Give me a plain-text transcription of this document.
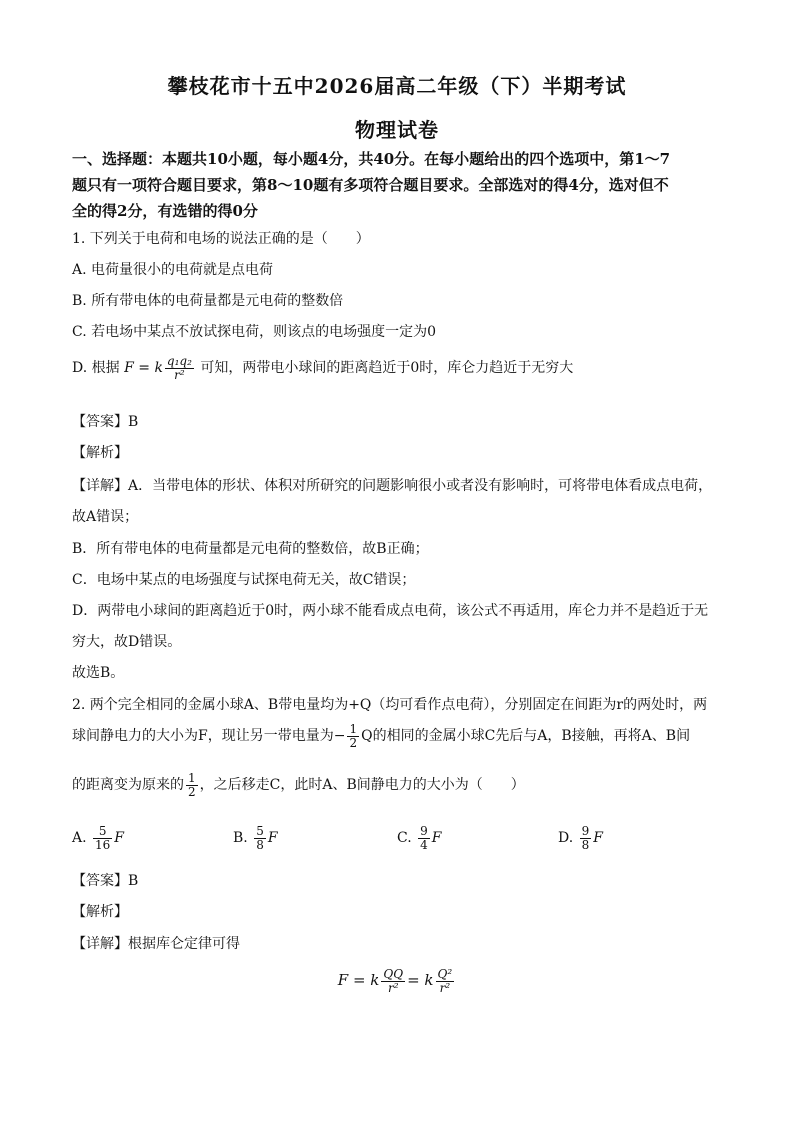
攀枝花市十五中2026届高二年级（下）半期考试
物理试卷
一、选择题：本题共10小题，每小题4分，共40分。在每小题给出的四个选项中，第1～7
题只有一项符合题目要求，第8～10题有多项符合题目要求。全部选对的得4分，选对但不
全的得2分，有选错的得0分
1. 下列关于电荷和电场的说法正确的是（　　）
A. 电荷量很小的电荷就是点电荷
B. 所有带电体的电荷量都是元电荷的整数倍
C. 若电场中某点不放试探电荷，则该点的电场强度一定为0
D. 根据 F = k $\frac{\text{q₁q₂}}{\text{r²}}$ 可知，两带电小球间的距离趋近于0时，库仑力趋近于无穷大
【答案】B
【解析】
【详解】A．当带电体的形状、体积对所研究的问题影响很小或者没有影响时，可将带电体看成点电荷，
故A错误；
B．所有带电体的电荷量都是元电荷的整数倍，故B正确；
C．电场中某点的电场强度与试探电荷无关，故C错误；
D．两带电小球间的距离趋近于0时，两小球不能看成点电荷，该公式不再适用，库仑力并不是趋近于无
穷大，故D错误。
故选B。
2. 两个完全相同的金属小球A、B带电量均为+Q（均可看作点电荷），分别固定在间距为r的两处时，两
球间静电力的大小为F，现让另一带电量为− $\frac{1}{2}$ Q的相同的金属小球C先后与A，B接触，再将A、B间
的距离变为原来的 $\frac{1}{2}$ ，之后移走C，此时A、B间静电力的大小为（　　）
A. $\frac{5}{16}$ F	B. $\frac{5}{8}$ F	C. $\frac{9}{4}$ F	D. $\frac{9}{8}$ F
【答案】B
【解析】
【详解】根据库仑定律可得
F = k $\frac{QQ}{\text{r²}} = k \frac{\text{Q²}}{\text{r²}}$
